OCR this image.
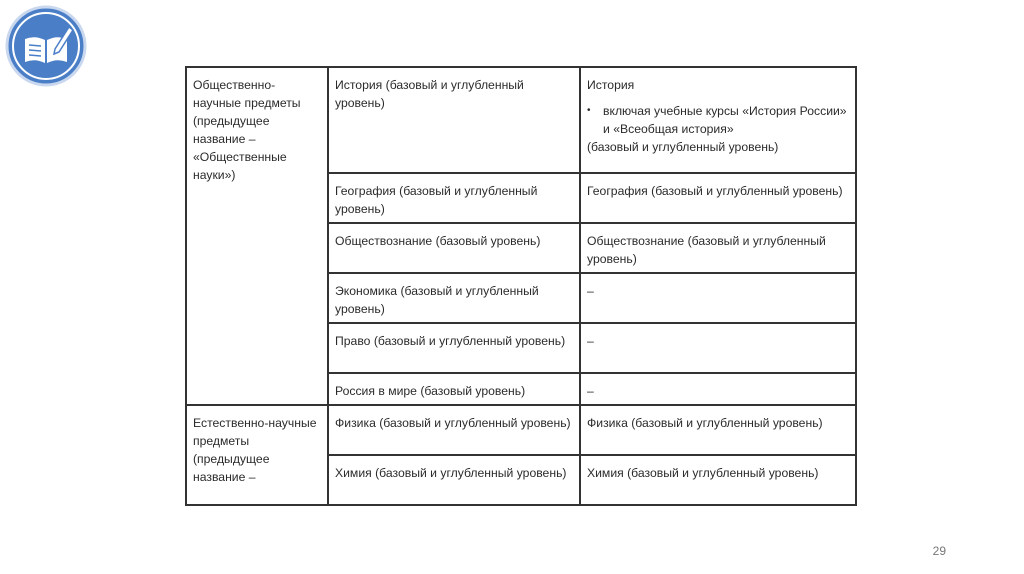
Общественно-научные предметы (предыдущее название – «Общественные науки»)	История (базовый и углубленный уровень)	История
• включая учебные курсы «История России» и «Всеобщая история»
(базовый и углубленный уровень)

	География (базовый и углубленный уровень)	География (базовый и углубленный уровень)
	Обществознание (базовый уровень)	Обществознание (базовый и углубленный уровень)
	Экономика (базовый и углубленный уровень)	–
	Право (базовый и углубленный уровень)	–
	Россия в мире (базовый уровень)	–
Естественно-научные предметы (предыдущее название –	Физика (базовый и углубленный уровень)	Физика (базовый и углубленный уровень)
	Химия (базовый и углубленный уровень)	Химия (базовый и углубленный уровень)
29
